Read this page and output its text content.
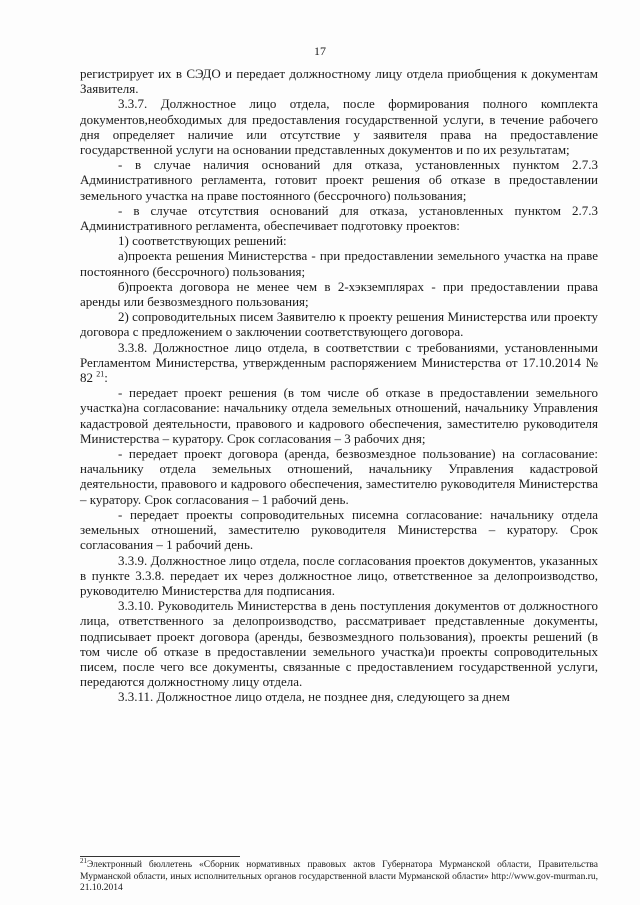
17

регистрирует их в СЭДО и передает должностному лицу отдела приобщения к документам Заявителя.

3.3.7. Должностное лицо отдела, после формирования полного комплекта документов,необходимых для предоставления государственной услуги, в течение рабочего дня определяет наличие или отсутствие у заявителя права на предоставление государственной услуги на основании представленных документов и по их результатам;

- в случае наличия оснований для отказа, установленных пунктом 2.7.3 Административного регламента, готовит проект решения об отказе в предоставлении земельного участка на праве постоянного (бессрочного) пользования;

- в случае отсутствия оснований для отказа, установленных пунктом 2.7.3 Административного регламента, обеспечивает подготовку проектов:

1) соответствующих решений:

а)проекта решения Министерства - при предоставлении земельного участка на праве постоянного (бессрочного) пользования;

б)проекта договора не менее чем в 2-хэкземплярах - при предоставлении права аренды или безвозмездного пользования;

2) сопроводительных писем Заявителю к проекту решения Министерства или проекту договора с предложением о заключении соответствующего договора.

3.3.8. Должностное лицо отдела, в соответствии с требованиями, установленными Регламентом Министерства, утвержденным распоряжением Министерства от 17.10.2014 № 82 $^{21}$:

- передает проект решения (в том числе об отказе в предоставлении земельного участка)на согласование: начальнику отдела земельных отношений, начальнику Управления кадастровой деятельности, правового и кадрового обеспечения, заместителю руководителя Министерства – куратору. Срок согласования – 3 рабочих дня;

- передает проект договора (аренда, безвозмездное пользование) на согласование: начальнику отдела земельных отношений, начальнику Управления кадастровой деятельности, правового и кадрового обеспечения, заместителю руководителя Министерства – куратору. Срок согласования – 1 рабочий день.

- передает проекты сопроводительных писемна согласование: начальнику отдела земельных отношений, заместителю руководителя Министерства – куратору. Срок согласования – 1 рабочий день.

3.3.9. Должностное лицо отдела, после согласования проектов документов, указанных в пункте 3.3.8. передает их через должностное лицо, ответственное за делопроизводство, руководителю Министерства для подписания.

3.3.10. Руководитель Министерства в день поступления документов от должностного лица, ответственного за делопроизводство, рассматривает представленные документы, подписывает проект договора (аренды, безвозмездного пользования), проекты решений (в том числе об отказе в предоставлении земельного участка)и проекты сопроводительных писем, после чего все документы, связанные с предоставлением государственной услуги, передаются должностному лицу отдела.

3.3.11. Должностное лицо отдела, не позднее дня, следующего за днем

$^{21}$Электронный бюллетень «Сборник нормативных правовых актов Губернатора Мурманской области, Правительства Мурманской области, иных исполнительных органов государственной власти Мурманской области» http://www.gov-murman.ru, 21.10.2014
